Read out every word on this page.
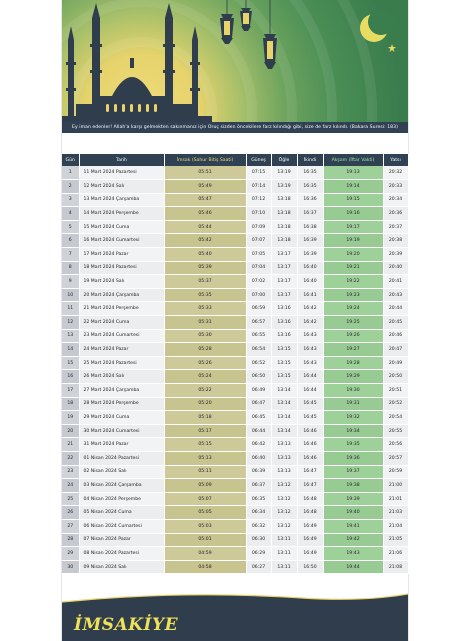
Ey iman edenler! Allah'a karşı gelmekten sakınmanız için Oruç sizden öncekilere farz kılındığı gibi, size de farz kılındı. (Bakara Suresi: 183)
Gün	Tarih	İmsak (Sahur Bitiş Saati)	Güneş	Öğle	İkindi	Akşam (İftar Vakti)	Yatsı
1	11 Mart 2024 Pazartesi	05:51	07:15	13:19	16:35	19:13	20:32
2	12 Mart 2024 Salı	05:49	07:14	13:19	16:35	19:14	20:33
3	13 Mart 2024 Çarşamba	05:47	07:12	13:18	16:36	19:15	20:34
4	14 Mart 2024 Perşembe	05:46	07:10	13:18	16:37	19:16	20:36
5	15 Mart 2024 Cuma	05:44	07:09	13:18	16:38	19:17	20:37
6	16 Mart 2024 Cumartesi	05:42	07:07	13:18	16:39	19:19	20:38
7	17 Mart 2024 Pazar	05:40	07:05	13:17	16:39	19:20	20:39
8	18 Mart 2024 Pazartesi	05:39	07:04	13:17	16:40	19:21	20:40
9	19 Mart 2024 Salı	05:37	07:02	13:17	16:40	19:22	20:41
10	20 Mart 2024 Çarşamba	05:35	07:00	13:17	16:41	19:23	20:43
11	21 Mart 2024 Perşembe	05:33	06:59	13:16	16:42	19:24	20:44
12	22 Mart 2024 Cuma	05:31	06:57	13:16	16:42	19:25	20:45
13	23 Mart 2024 Cumartesi	05:30	06:55	13:16	16:43	19:26	20:46
14	24 Mart 2024 Pazar	05:28	06:54	13:15	16:43	19:27	20:47
15	25 Mart 2024 Pazartesi	05:26	06:52	13:15	16:43	19:28	20:49
16	26 Mart 2024 Salı	05:24	06:50	13:15	16:44	19:29	20:50
17	27 Mart 2024 Çarşamba	05:22	06:49	13:14	16:44	19:30	20:51
18	28 Mart 2024 Perşembe	05:20	06:47	13:14	16:45	19:31	20:52
19	29 Mart 2024 Cuma	05:18	06:45	13:14	16:45	19:32	20:54
20	30 Mart 2024 Cumartesi	05:17	06:44	13:14	16:46	19:34	20:55
21	31 Mart 2024 Pazar	05:15	06:42	13:13	16:46	19:35	20:56
22	01 Nisan 2024 Pazartesi	05:13	06:40	13:13	16:46	19:36	20:57
23	02 Nisan 2024 Salı	05:11	06:39	13:13	16:47	19:37	20:59
24	03 Nisan 2024 Çarşamba	05:09	06:37	13:12	16:47	19:38	21:00
25	04 Nisan 2024 Perşembe	05:07	06:35	13:12	16:48	19:39	21:01
26	05 Nisan 2024 Cuma	05:05	06:34	13:12	16:48	19:40	21:03
27	06 Nisan 2024 Cumartesi	05:03	06:32	13:12	16:49	19:41	21:04
28	07 Nisan 2024 Pazar	05:01	06:30	13:11	16:49	19:42	21:05
29	08 Nisan 2024 Pazartesi	04:59	06:29	13:11	16:49	19:43	21:06
30	09 Nisan 2024 Salı	04:58	06:27	13:11	16:50	19:44	21:08
İMSAKİYE
